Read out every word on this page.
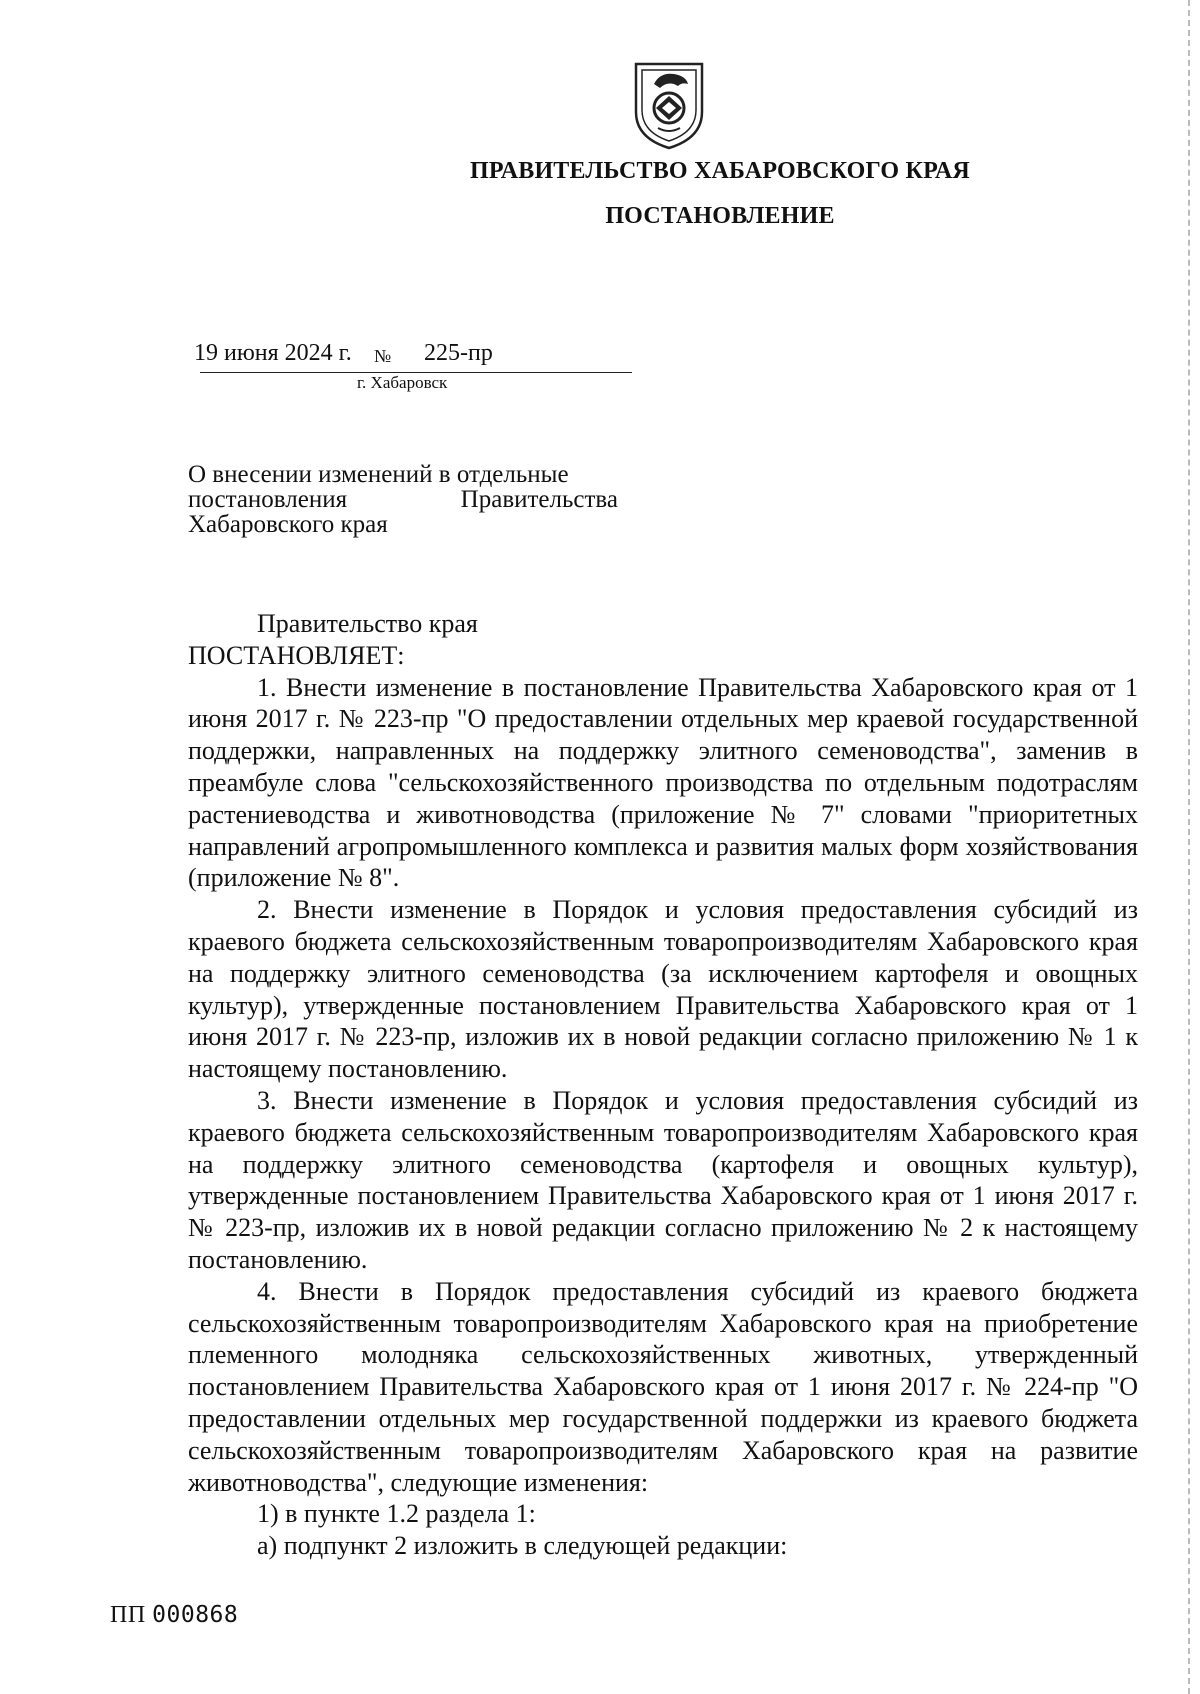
ПРАВИТЕЛЬСТВО ХАБАРОВСКОГО КРАЯ
ПОСТАНОВЛЕНИЕ
19 июня 2024 г. № 225-пр
г. Хабаровск
О внесении изменений в отдельные
постановления	Правительства
Хабаровского края

Правительство края

ПОСТАНОВЛЯЕТ:

1. Внести изменение в постановление Правительства Хабаровского края от 1 июня 2017 г. № 223-пр "О предоставлении отдельных мер краевой государственной поддержки, направленных на поддержку элитного семеноводства", заменив в преамбуле слова "сельскохозяйственного производства по отдельным подотраслям растениеводства и животноводства (приложение № 7" словами "приоритетных направлений агропромышленного комплекса и развития малых форм хозяйствования (приложение № 8".

2. Внести изменение в Порядок и условия предоставления субсидий из краевого бюджета сельскохозяйственным товаропроизводителям Хабаровского края на поддержку элитного семеноводства (за исключением картофеля и овощных культур), утвержденные постановлением Правительства Хабаровского края от 1 июня 2017 г. № 223-пр, изложив их в новой редакции согласно приложению № 1 к настоящему постановлению.

3. Внести изменение в Порядок и условия предоставления субсидий из краевого бюджета сельскохозяйственным товаропроизводителям Хабаровского края на поддержку элитного семеноводства (картофеля и овощных культур), утвержденные постановлением Правительства Хабаровского края от 1 июня 2017 г. № 223-пр, изложив их в новой редакции согласно приложению № 2 к настоящему постановлению.

4. Внести в Порядок предоставления субсидий из краевого бюджета сельскохозяйственным товаропроизводителям Хабаровского края на приобретение племенного молодняка сельскохозяйственных животных, утвержденный постановлением Правительства Хабаровского края от 1 июня 2017 г. № 224-пр "О предоставлении отдельных мер государственной поддержки из краевого бюджета сельскохозяйственным товаропроизводителям Хабаровского края на развитие животноводства", следующие изменения:

1) в пункте 1.2 раздела 1:

а) подпункт 2 изложить в следующей редакции:

ПП 000868
